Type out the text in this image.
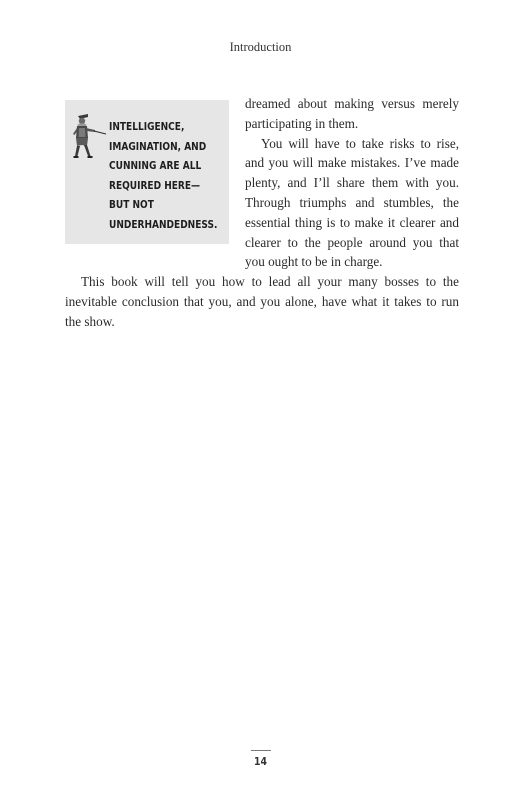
Introduction
INTELLIGENCE,
IMAGINATION, AND
CUNNING ARE ALL
REQUIRED HERE—
BUT NOT
UNDERHANDEDNESS.

dreamed about making versus merely participating in them.

You will have to take risks to rise, and you will make mistakes. I’ve made plenty, and I’ll share them with you. Through triumphs and stumbles, the essential thing is to make it clearer and clearer to the people around you that you ought to be in charge.

This book will tell you how to lead all your many bosses to the inevitable conclusion that you, and you alone, have what it takes to run the show.

14
